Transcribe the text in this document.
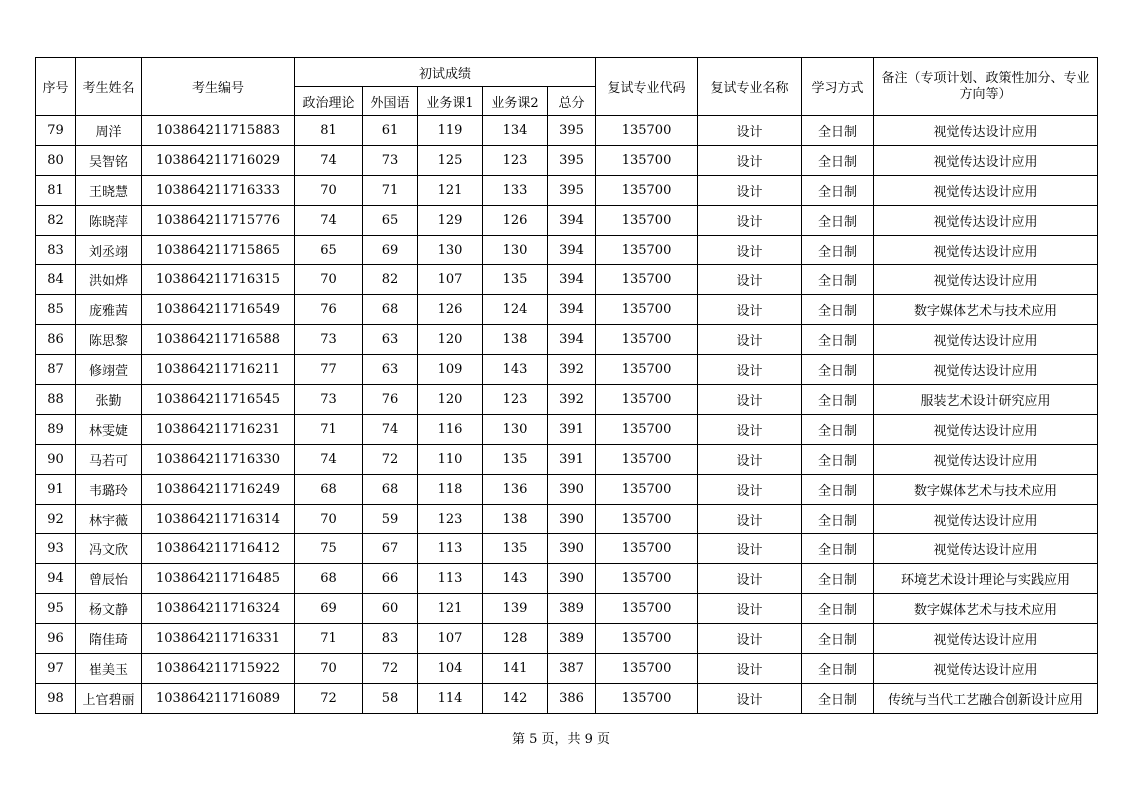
序号	考生姓名	考生编号	初试成绩					复试专业代码	复试专业名称	学习方式	备注（专项计划、政策性加分、专业方向等）
			政治理论	外国语	业务课1	业务课2	总分				
79	周洋	103864211715883	81	61	119	134	395	135700	设计	全日制	视觉传达设计应用
80	吴智铭	103864211716029	74	73	125	123	395	135700	设计	全日制	视觉传达设计应用
81	王晓慧	103864211716333	70	71	121	133	395	135700	设计	全日制	视觉传达设计应用
82	陈晓萍	103864211715776	74	65	129	126	394	135700	设计	全日制	视觉传达设计应用
83	刘丞翊	103864211715865	65	69	130	130	394	135700	设计	全日制	视觉传达设计应用
84	洪如烨	103864211716315	70	82	107	135	394	135700	设计	全日制	视觉传达设计应用
85	庞雅茜	103864211716549	76	68	126	124	394	135700	设计	全日制	数字媒体艺术与技术应用
86	陈思黎	103864211716588	73	63	120	138	394	135700	设计	全日制	视觉传达设计应用
87	修翊萱	103864211716211	77	63	109	143	392	135700	设计	全日制	视觉传达设计应用
88	张勤	103864211716545	73	76	120	123	392	135700	设计	全日制	服装艺术设计研究应用
89	林雯婕	103864211716231	71	74	116	130	391	135700	设计	全日制	视觉传达设计应用
90	马若可	103864211716330	74	72	110	135	391	135700	设计	全日制	视觉传达设计应用
91	韦璐玲	103864211716249	68	68	118	136	390	135700	设计	全日制	数字媒体艺术与技术应用
92	林宇薇	103864211716314	70	59	123	138	390	135700	设计	全日制	视觉传达设计应用
93	冯文欣	103864211716412	75	67	113	135	390	135700	设计	全日制	视觉传达设计应用
94	曾辰怡	103864211716485	68	66	113	143	390	135700	设计	全日制	环境艺术设计理论与实践应用
95	杨文静	103864211716324	69	60	121	139	389	135700	设计	全日制	数字媒体艺术与技术应用
96	隋佳琦	103864211716331	71	83	107	128	389	135700	设计	全日制	视觉传达设计应用
97	崔美玉	103864211715922	70	72	104	141	387	135700	设计	全日制	视觉传达设计应用
98	上官碧丽	103864211716089	72	58	114	142	386	135700	设计	全日制	传统与当代工艺融合创新设计应用
第 5 页，共 9 页
